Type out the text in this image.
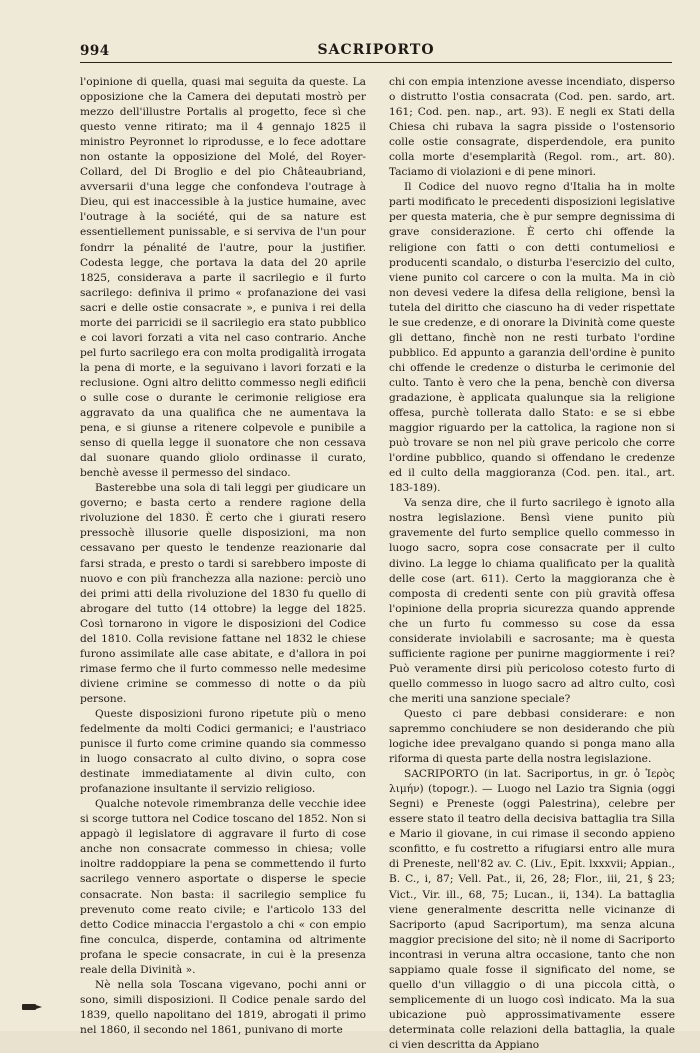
994	SACRIPORTO

l'opinione di quella, quasi mai seguita da queste. La opposizione che la Camera dei deputati mostrò per mezzo dell'illustre Portalis al progetto, fece sì che questo venne ritirato; ma il 4 gennajo 1825 il ministro Peyronnet lo riprodusse, e lo fece adottare non ostante la opposizione del Molé, del Royer-Collard, del Di Broglio e del pio Châteaubriand, avversarii d'una legge che confondeva l'outrage à Dieu, qui est inaccessible à la justice humaine, avec l'outrage à la société, qui de sa nature est essentiellement punissable, e si serviva de l'un pour fondrr la pénalité de l'autre, pour la justifier. Codesta legge, che portava la data del 20 aprile 1825, considerava a parte il sacrilegio e il furto sacrilego: definiva il primo « profanazione dei vasi sacri e delle ostie consacrate », e puniva i rei della morte dei parricidi se il sacrilegio era stato pubblico e coi lavori forzati a vita nel caso contrario. Anche pel furto sacrilego era con molta prodigalità irrogata la pena di morte, e la seguivano i lavori forzati e la reclusione. Ogni altro delitto commesso negli edificii o sulle cose o durante le cerimonie religiose era aggravato da una qualifica che ne aumentava la pena, e si giunse a ritenere colpevole e punibile a senso di quella legge il suonatore che non cessava dal suonare quando gliolo ordinasse il curato, benchè avesse il permesso del sindaco.

Basterebbe una sola di tali leggi per giudicare un governo; e basta certo a rendere ragione della rivoluzione del 1830. È certo che i giurati resero pressochè illusorie quelle disposizioni, ma non cessavano per questo le tendenze reazionarie dal farsi strada, e presto o tardi si sarebbero imposte di nuovo e con più franchezza alla nazione: perciò uno dei primi atti della rivoluzione del 1830 fu quello di abrogare del tutto (14 ottobre) la legge del 1825. Così tornarono in vigore le disposizioni del Codice del 1810. Colla revisione fattane nel 1832 le chiese furono assimilate alle case abitate, e d'allora in poi rimase fermo che il furto commesso nelle medesime diviene crimine se commesso di notte o da più persone.

Queste disposizioni furono ripetute più o meno fedelmente da molti Codici germanici; e l'austriaco punisce il furto come crimine quando sia commesso in luogo consacrato al culto divino, o sopra cose destinate immediatamente al divin culto, con profanazione insultante il servizio religioso.

Qualche notevole rimembranza delle vecchie idee si scorge tuttora nel Codice toscano del 1852. Non si appagò il legislatore di aggravare il furto di cose anche non consacrate commesso in chiesa; volle inoltre raddoppiare la pena se commettendo il furto sacrilego vennero asportate o disperse le specie consacrate. Non basta: il sacrilegio semplice fu prevenuto come reato civile; e l'articolo 133 del detto Codice minaccia l'ergastolo a chi « con empio fine conculca, disperde, contamina od altrimente profana le specie consacrate, in cui è la presenza reale della Divinità ».

Nè nella sola Toscana vigevano, pochi anni or sono, simili disposizioni. Il Codice penale sardo del 1839, quello napolitano del 1819, abrogati il primo nel 1860, il secondo nel 1861, punivano di morte

chi con empia intenzione avesse incendiato, disperso o distrutto l'ostia consacrata (Cod. pen. sardo, art. 161; Cod. pen. nap., art. 93). E negli ex Stati della Chiesa chi rubava la sagra pisside o l'ostensorio colle ostie consagrate, disperdendole, era punito colla morte d'esemplarità (Regol. rom., art. 80). Taciamo di violazioni e di pene minori.

Il Codice del nuovo regno d'Italia ha in molte parti modificato le precedenti disposizioni legislative per questa materia, che è pur sempre degnissima di grave considerazione. È certo chi offende la religione con fatti o con detti contumeliosi e producenti scandalo, o disturba l'esercizio del culto, viene punito col carcere o con la multa. Ma in ciò non devesi vedere la difesa della religione, bensì la tutela del diritto che ciascuno ha di veder rispettate le sue credenze, e di onorare la Divinità come queste gli dettano, finchè non ne resti turbato l'ordine pubblico. Ed appunto a garanzia dell'ordine è punito chi offende le credenze o disturba le cerimonie del culto. Tanto è vero che la pena, benchè con diversa gradazione, è applicata qualunque sia la religione offesa, purchè tollerata dallo Stato: e se si ebbe maggior riguardo per la cattolica, la ragione non si può trovare se non nel più grave pericolo che corre l'ordine pubblico, quando si offendano le credenze ed il culto della maggioranza (Cod. pen. ital., art. 183-189).

Va senza dire, che il furto sacrilego è ignoto alla nostra legislazione. Bensì viene punito più gravemente del furto semplice quello commesso in luogo sacro, sopra cose consacrate per il culto divino. La legge lo chiama qualificato per la qualità delle cose (art. 611). Certo la maggioranza che è composta di credenti sente con più gravità offesa l'opinione della propria sicurezza quando apprende che un furto fu commesso su cose da essa considerate inviolabili e sacrosante; ma è questa sufficiente ragione per punirne maggiormente i rei? Può veramente dirsi più pericoloso cotesto furto di quello commesso in luogo sacro ad altro culto, così che meriti una sanzione speciale?

Questo ci pare debbasi considerare: e non sapremmo conchiudere se non desiderando che più logiche idee prevalgano quando si ponga mano alla riforma di questa parte della nostra legislazione.

SACRIPORTO (in lat. Sacriportus, in gr. ὁ Ἱερὸς λιμήν) (topogr.). — Luogo nel Lazio tra Signia (oggi Segni) e Preneste (oggi Palestrina), celebre per essere stato il teatro della decisiva battaglia tra Silla e Mario il giovane, in cui rimase il secondo appieno sconfitto, e fu costretto a rifugiarsi entro alle mura di Preneste, nell'82 av. C. (Liv., Epit. lxxxvii; Appian., B. C., i, 87; Vell. Pat., ii, 26, 28; Flor., iii, 21, § 23; Vict., Vir. ill., 68, 75; Lucan., ii, 134). La battaglia viene generalmente descritta nelle vicinanze di Sacriporto (apud Sacriportum), ma senza alcuna maggior precisione del sito; nè il nome di Sacriporto incontrasi in veruna altra occasione, tanto che non sappiamo quale fosse il significato del nome, se quello d'un villaggio o di una piccola città, o semplicemente di un luogo così indicato. Ma la sua ubicazione può approssimativamente essere determinata colle relazioni della battaglia, la quale ci vien descritta da Appiano
